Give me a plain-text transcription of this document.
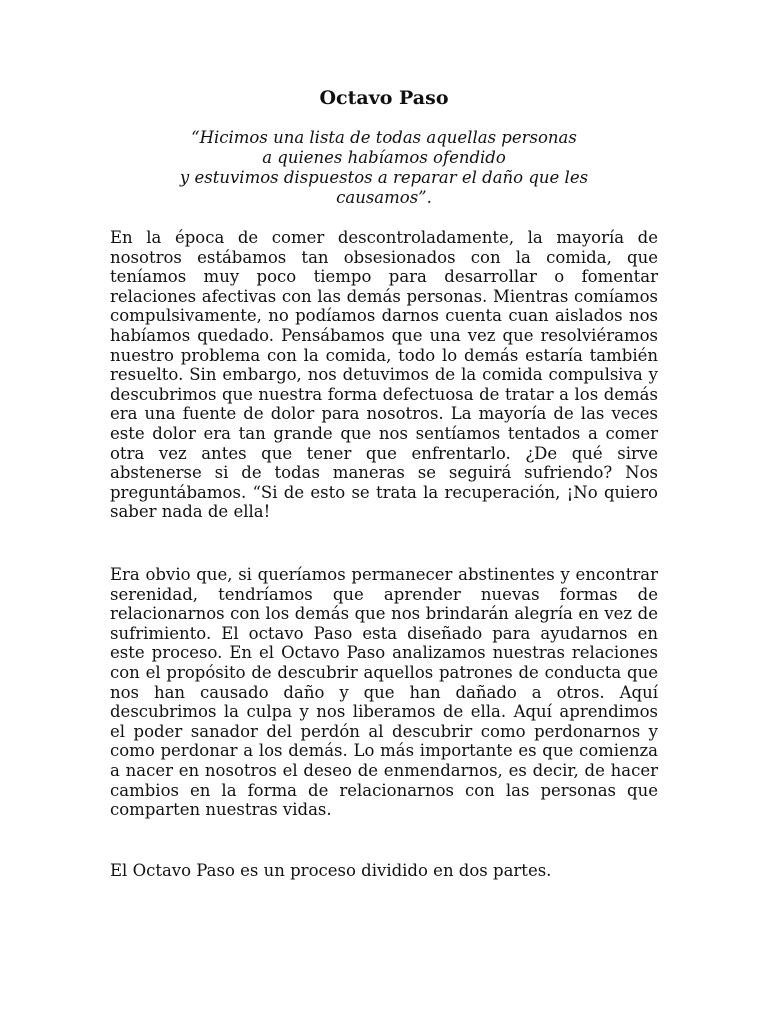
Octavo Paso
“Hicimos una lista de todas aquellas personas
a quienes habíamos ofendido
y estuvimos dispuestos a reparar el daño que les
causamos”.

En la época de comer descontroladamente, la mayoría de nosotros estábamos tan obsesionados con la comida, que teníamos muy poco tiempo para desarrollar o fomentar relaciones afectivas con las demás personas. Mientras comíamos compulsivamente, no podíamos darnos cuenta cuan aislados nos habíamos quedado. Pensábamos que una vez que resolviéramos nuestro problema con la comida, todo lo demás estaría también resuelto. Sin embargo, nos detuvimos de la comida compulsiva y descubrimos que nuestra forma defectuosa de tratar a los demás era una fuente de dolor para nosotros. La mayoría de las veces este dolor era tan grande que nos sentíamos tentados a comer otra vez antes que tener que enfrentarlo. ¿De qué sirve abstenerse si de todas maneras se seguirá sufriendo? Nos preguntábamos. “Si de esto se trata la recuperación, ¡No quiero saber nada de ella!

Era obvio que, si queríamos permanecer abstinentes y encontrar serenidad, tendríamos que aprender nuevas formas de relacionarnos con los demás que nos brindarán alegría en vez de sufrimiento. El octavo Paso esta diseñado para ayudarnos en este proceso. En el Octavo Paso analizamos nuestras relaciones con el propósito de descubrir aquellos patrones de conducta que nos han causado daño y que han dañado a otros. Aquí descubrimos la culpa y nos liberamos de ella. Aquí aprendimos el poder sanador del perdón al descubrir como perdonarnos y como perdonar a los demás. Lo más importante es que comienza a nacer en nosotros el deseo de enmendarnos, es decir, de hacer cambios en la forma de relacionarnos con las personas que comparten nuestras vidas.

El Octavo Paso es un proceso dividido en dos partes.
